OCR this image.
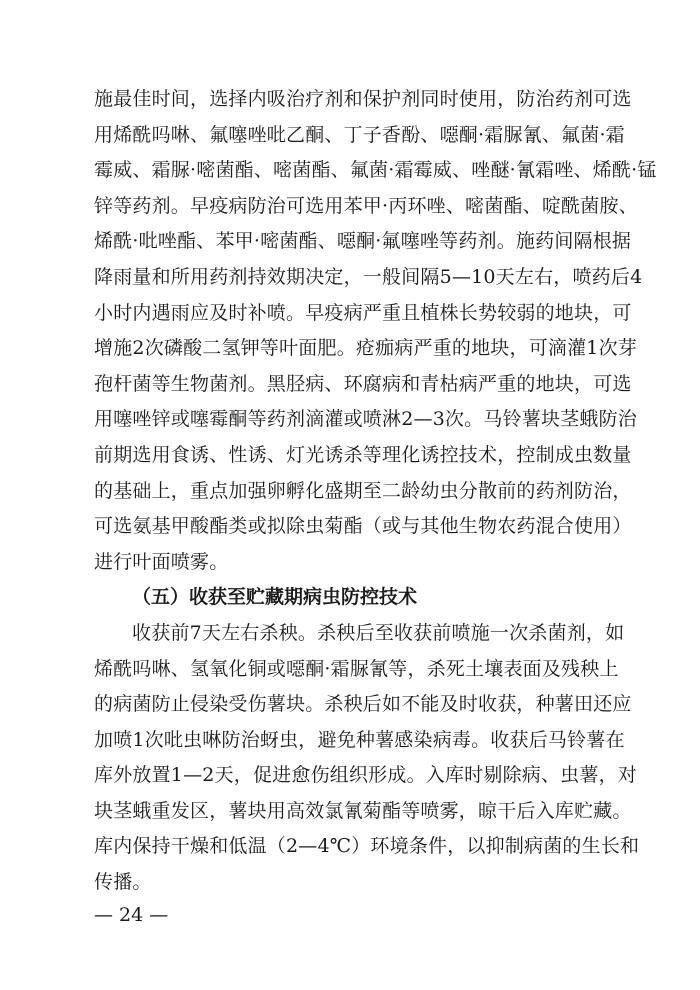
施最佳时间，选择内吸治疗剂和保护剂同时使用，防治药剂可选
用烯酰吗啉、氟噻唑吡乙酮、丁子香酚、噁酮·霜脲氰、氟菌·霜
霉威、霜脲·嘧菌酯、嘧菌酯、氟菌·霜霉威、唑醚·氰霜唑、烯酰·锰
锌等药剂。早疫病防治可选用苯甲·丙环唑、嘧菌酯、啶酰菌胺、
烯酰·吡唑酯、苯甲·嘧菌酯、噁酮·氟噻唑等药剂。施药间隔根据
降雨量和所用药剂持效期决定，一般间隔5—10天左右，喷药后4
小时内遇雨应及时补喷。早疫病严重且植株长势较弱的地块，可
增施2次磷酸二氢钾等叶面肥。疮痂病严重的地块，可滴灌1次芽
孢杆菌等生物菌剂。黑胫病、环腐病和青枯病严重的地块，可选
用噻唑锌或噻霉酮等药剂滴灌或喷淋2—3次。马铃薯块茎蛾防治
前期选用食诱、性诱、灯光诱杀等理化诱控技术，控制成虫数量
的基础上，重点加强卵孵化盛期至二龄幼虫分散前的药剂防治，
可选氨基甲酸酯类或拟除虫菊酯（或与其他生物农药混合使用）
进行叶面喷雾。
（五）收获至贮藏期病虫防控技术
收获前7天左右杀秧。杀秧后至收获前喷施一次杀菌剂，如
烯酰吗啉、氢氧化铜或噁酮·霜脲氰等，杀死土壤表面及残秧上
的病菌防止侵染受伤薯块。杀秧后如不能及时收获，种薯田还应
加喷1次吡虫啉防治蚜虫，避免种薯感染病毒。收获后马铃薯在
库外放置1—2天，促进愈伤组织形成。入库时剔除病、虫薯，对
块茎蛾重发区，薯块用高效氯氰菊酯等喷雾，晾干后入库贮藏。
库内保持干燥和低温（2—4℃）环境条件，以抑制病菌的生长和
传播。
— 24 —
